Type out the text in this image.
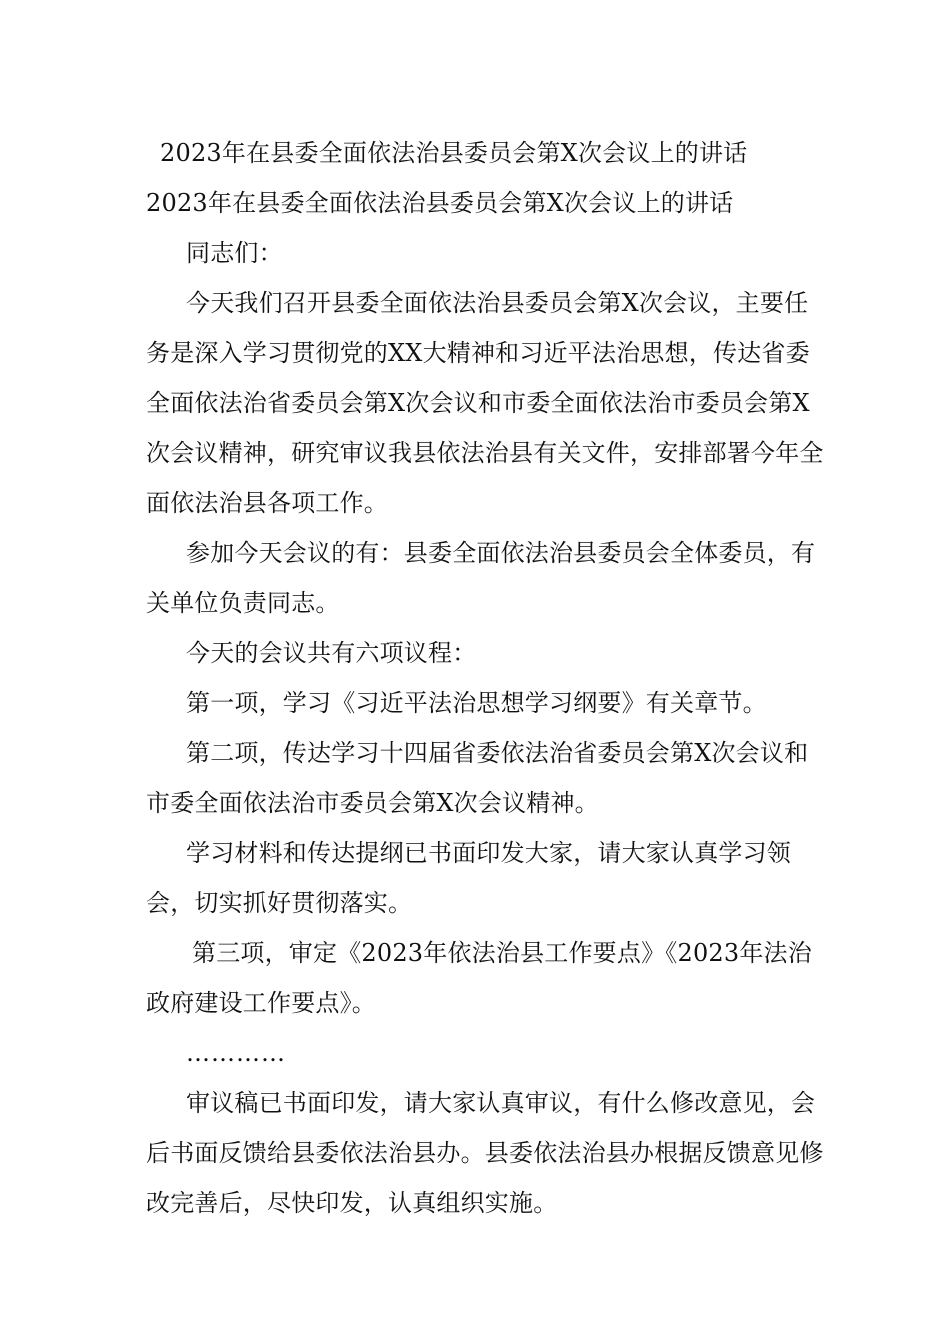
2023年在县委全面依法治县委员会第X次会议上的讲话

2023年在县委全面依法治县委员会第X次会议上的讲话

同志们：

今天我们召开县委全面依法治县委员会第X次会议，主要任务是深入学习贯彻党的XX大精神和习近平法治思想，传达省委全面依法治省委员会第X次会议和市委全面依法治市委员会第X次会议精神，研究审议我县依法治县有关文件，安排部署今年全面依法治县各项工作。

参加今天会议的有：县委全面依法治县委员会全体委员，有关单位负责同志。

今天的会议共有六项议程：

第一项，学习《习近平法治思想学习纲要》有关章节。

第二项，传达学习十四届省委依法治省委员会第X次会议和市委全面依法治市委员会第X次会议精神。

学习材料和传达提纲已书面印发大家，请大家认真学习领会，切实抓好贯彻落实。

第三项，审定《2023年依法治县工作要点》《2023年法治政府建设工作要点》。

…………

审议稿已书面印发，请大家认真审议，有什么修改意见，会后书面反馈给县委依法治县办。县委依法治县办根据反馈意见修改完善后，尽快印发，认真组织实施。
